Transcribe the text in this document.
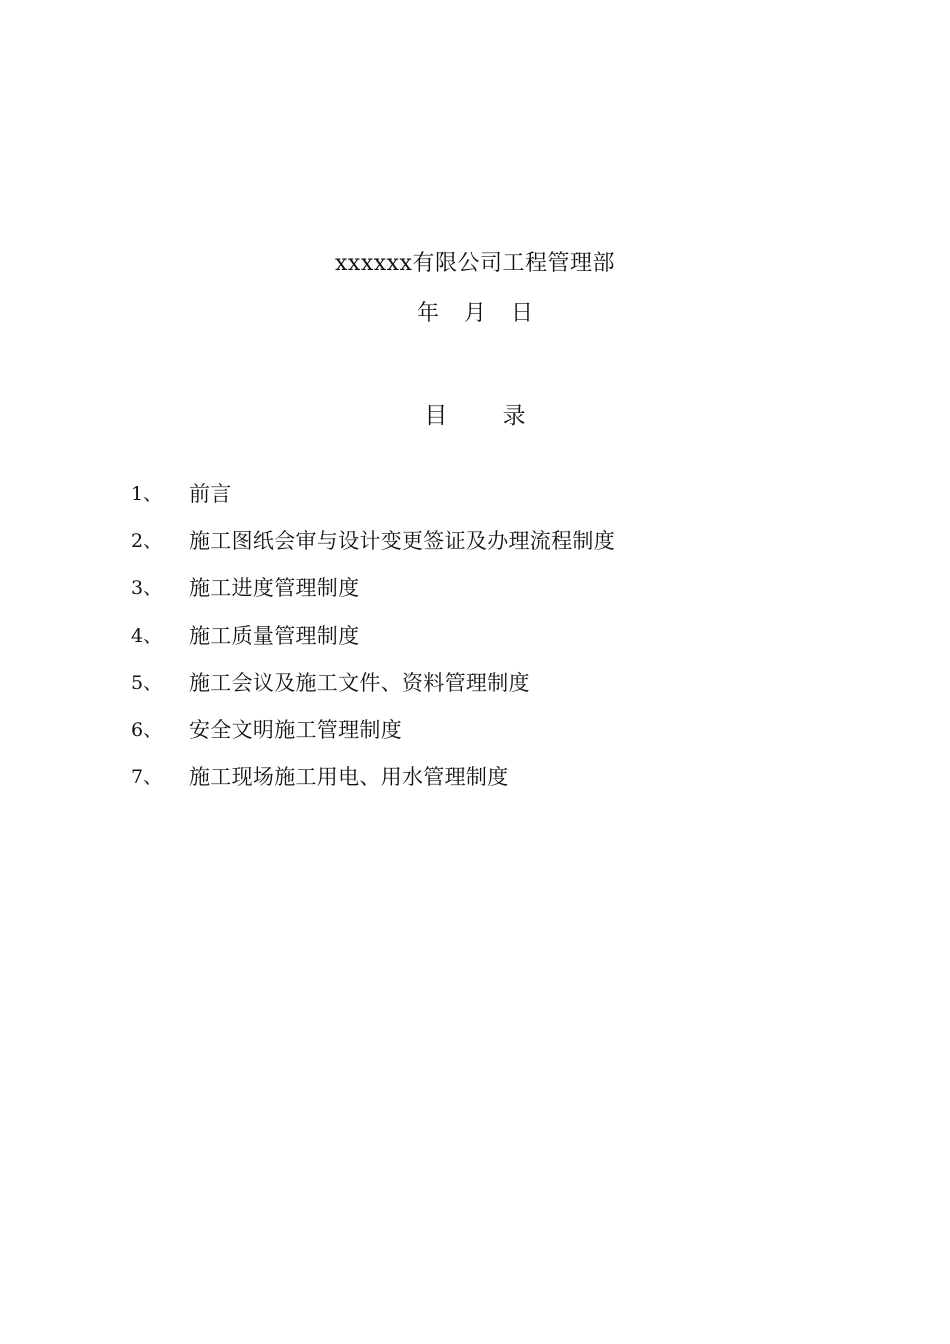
xxxxxx有限公司工程管理部
年 月 日
目 录
1、	前言
2、	施工图纸会审与设计变更签证及办理流程制度
3、	施工进度管理制度
4、	施工质量管理制度
5、	施工会议及施工文件、资料管理制度
6、	安全文明施工管理制度
7、	施工现场施工用电、用水管理制度
